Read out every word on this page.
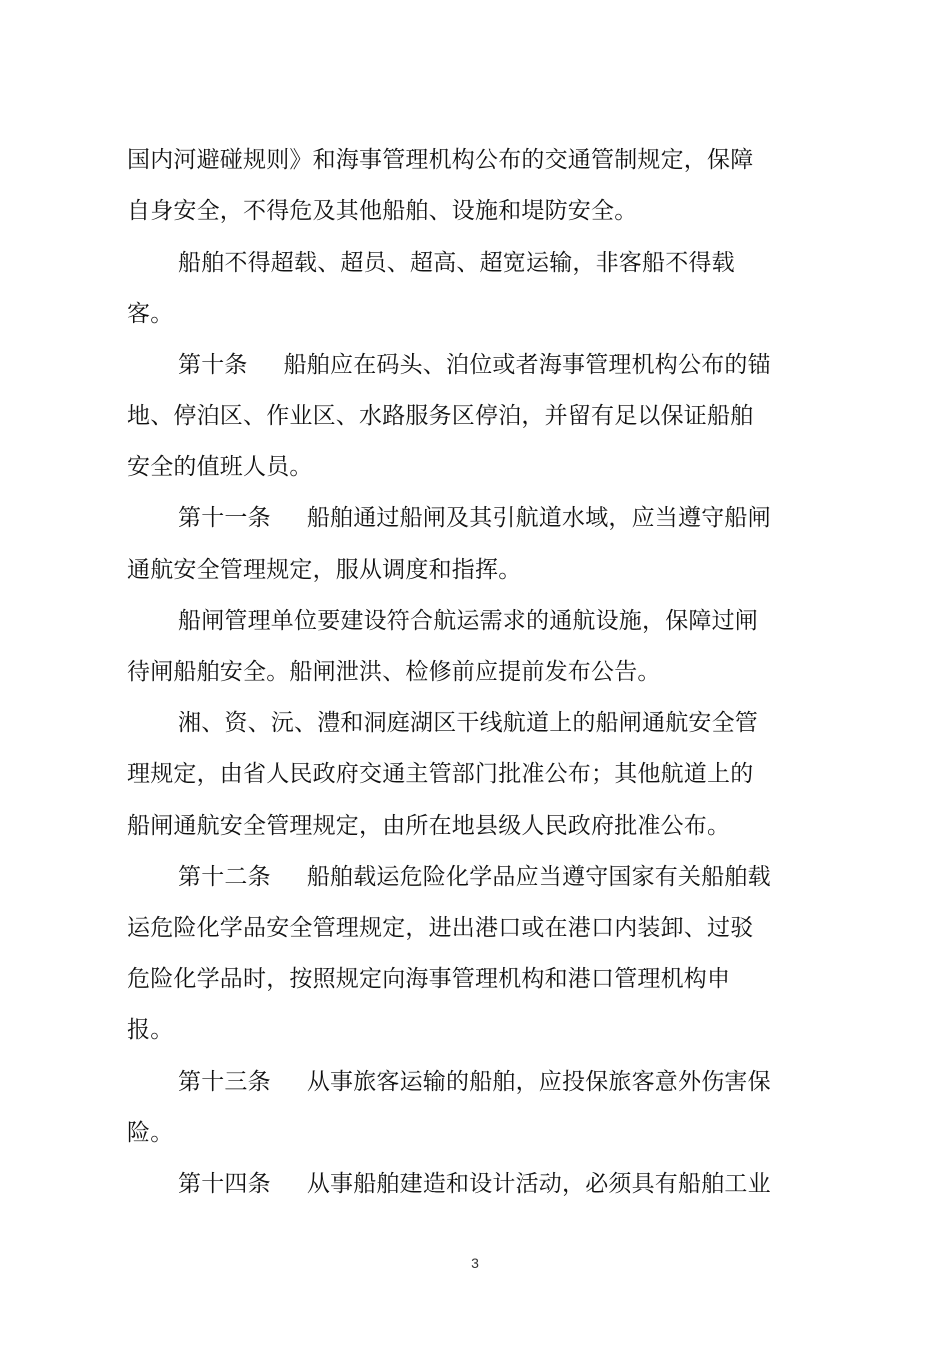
国内河避碰规则》和海事管理机构公布的交通管制规定，保障
自身安全，不得危及其他船舶、设施和堤防安全。
船舶不得超载、超员、超高、超宽运输，非客船不得载
客。
第十条 船舶应在码头、泊位或者海事管理机构公布的锚
地、停泊区、作业区、水路服务区停泊，并留有足以保证船舶
安全的值班人员。
第十一条 船舶通过船闸及其引航道水域，应当遵守船闸
通航安全管理规定，服从调度和指挥。
船闸管理单位要建设符合航运需求的通航设施，保障过闸
待闸船舶安全。船闸泄洪、检修前应提前发布公告。
湘、资、沅、澧和洞庭湖区干线航道上的船闸通航安全管
理规定，由省人民政府交通主管部门批准公布；其他航道上的
船闸通航安全管理规定，由所在地县级人民政府批准公布。
第十二条 船舶载运危险化学品应当遵守国家有关船舶载
运危险化学品安全管理规定，进出港口或在港口内装卸、过驳
危险化学品时，按照规定向海事管理机构和港口管理机构申
报。
第十三条 从事旅客运输的船舶，应投保旅客意外伤害保
险。
第十四条 从事船舶建造和设计活动，必须具有船舶工业
3
